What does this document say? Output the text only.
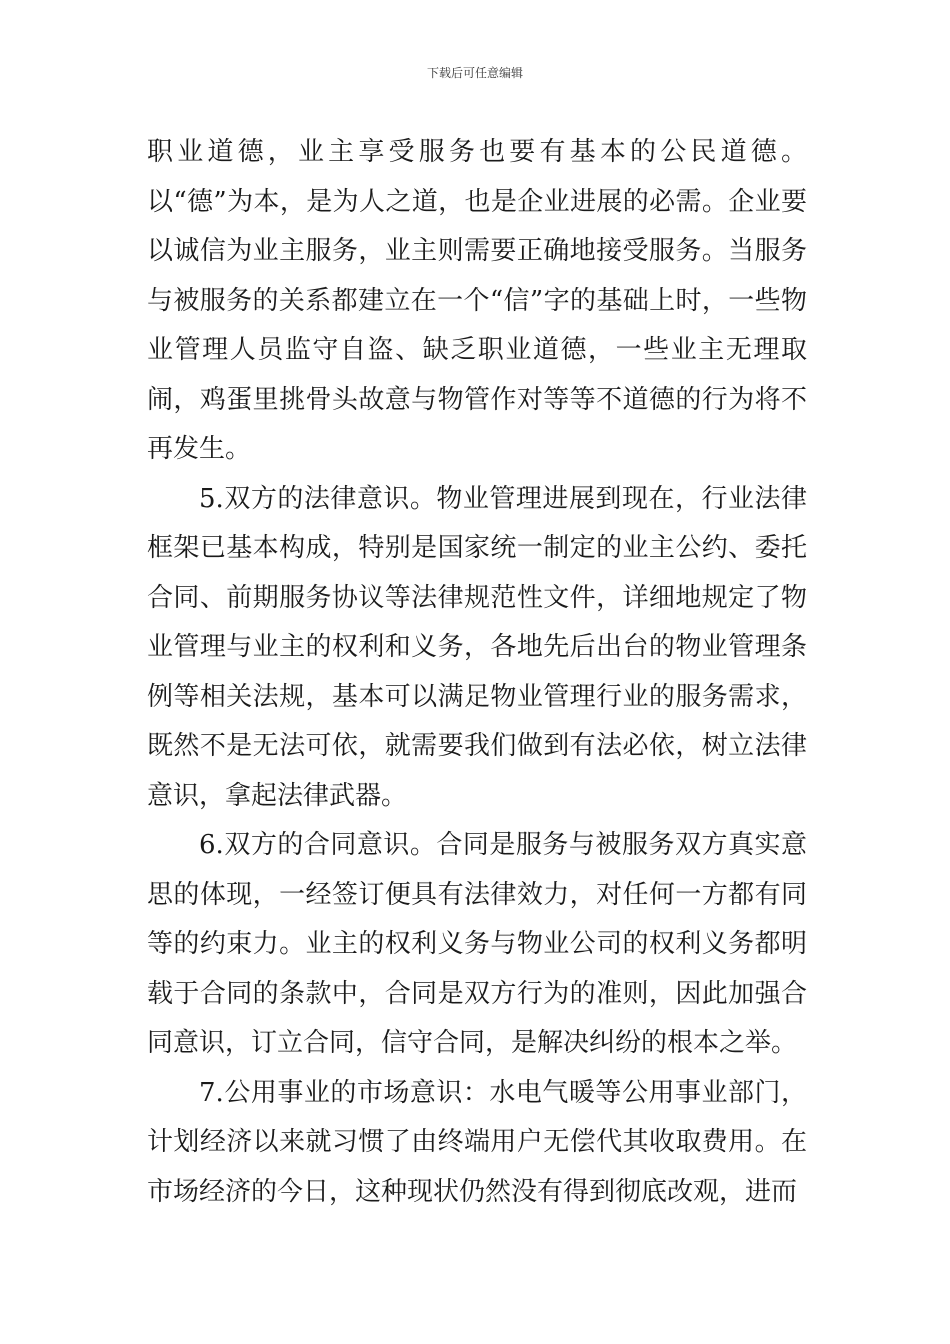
下载后可任意编辑

职业道德，业主享受服务也要有基本的公民道德。以“德”为本，是为人之道，也是企业进展的必需。企业要以诚信为业主服务，业主则需要正确地接受服务。当服务与被服务的关系都建立在一个“信”字的基础上时，一些物业管理人员监守自盗、缺乏职业道德，一些业主无理取闹，鸡蛋里挑骨头故意与物管作对等等不道德的行为将不再发生。

5.双方的法律意识。物业管理进展到现在，行业法律框架已基本构成，特别是国家统一制定的业主公约、委托合同、前期服务协议等法律规范性文件，详细地规定了物业管理与业主的权利和义务，各地先后出台的物业管理条例等相关法规，基本可以满足物业管理行业的服务需求，既然不是无法可依，就需要我们做到有法必依，树立法律意识，拿起法律武器。

6.双方的合同意识。合同是服务与被服务双方真实意思的体现，一经签订便具有法律效力，对任何一方都有同等的约束力。业主的权利义务与物业公司的权利义务都明载于合同的条款中，合同是双方行为的准则，因此加强合同意识，订立合同，信守合同，是解决纠纷的根本之举。

7.公用事业的市场意识：水电气暖等公用事业部门，计划经济以来就习惯了由终端用户无偿代其收取费用。在市场经济的今日，这种现状仍然没有得到彻底改观，进而
